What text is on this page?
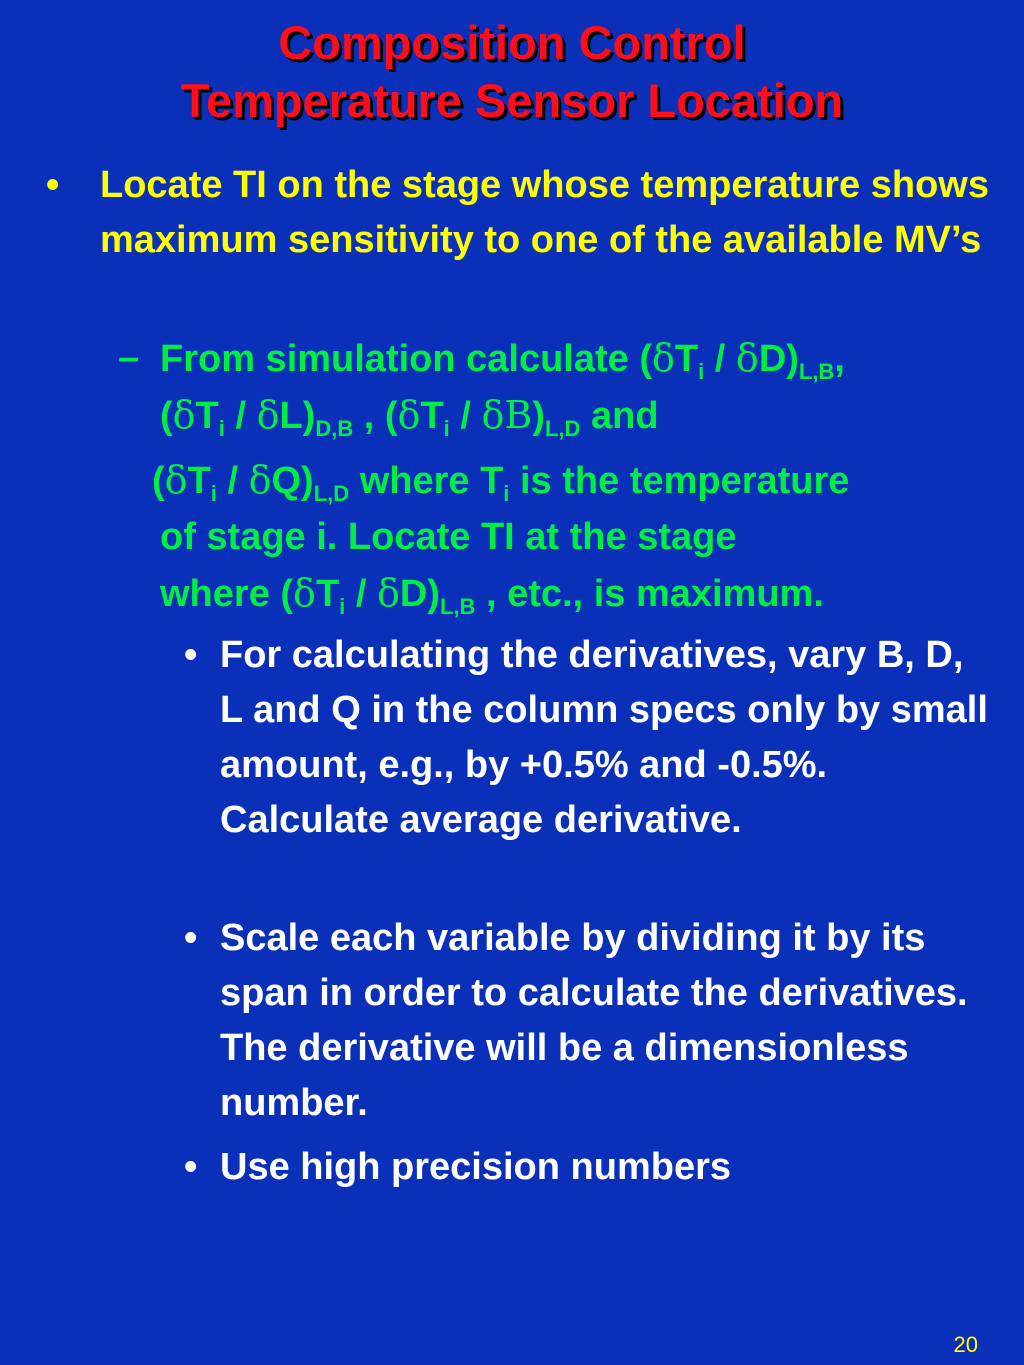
Composition Control
Temperature Sensor Location
• Locate TI on the stage whose temperature shows maximum sensitivity to one of the available MV’s
– From simulation calculate $(\delta T_i / \delta D)_{L,B}$,
$(\delta T_i / \delta L)_{D,B}$ , $(\delta T_i / \delta B)_{L,D}$ and
$(\delta T_i / \delta Q)_{L,D}$ where $T_i$ is the temperature
of stage i. Locate TI at the stage
where $(\delta T_i / \delta D)_{L,B}$ , etc., is maximum.
• For calculating the derivatives, vary B, D, L and Q in the column specs only by small amount, e.g., by +0.5% and -0.5%. Calculate average derivative.
• Scale each variable by dividing it by its span in order to calculate the derivatives. The derivative will be a dimensionless number.
• Use high precision numbers
20
